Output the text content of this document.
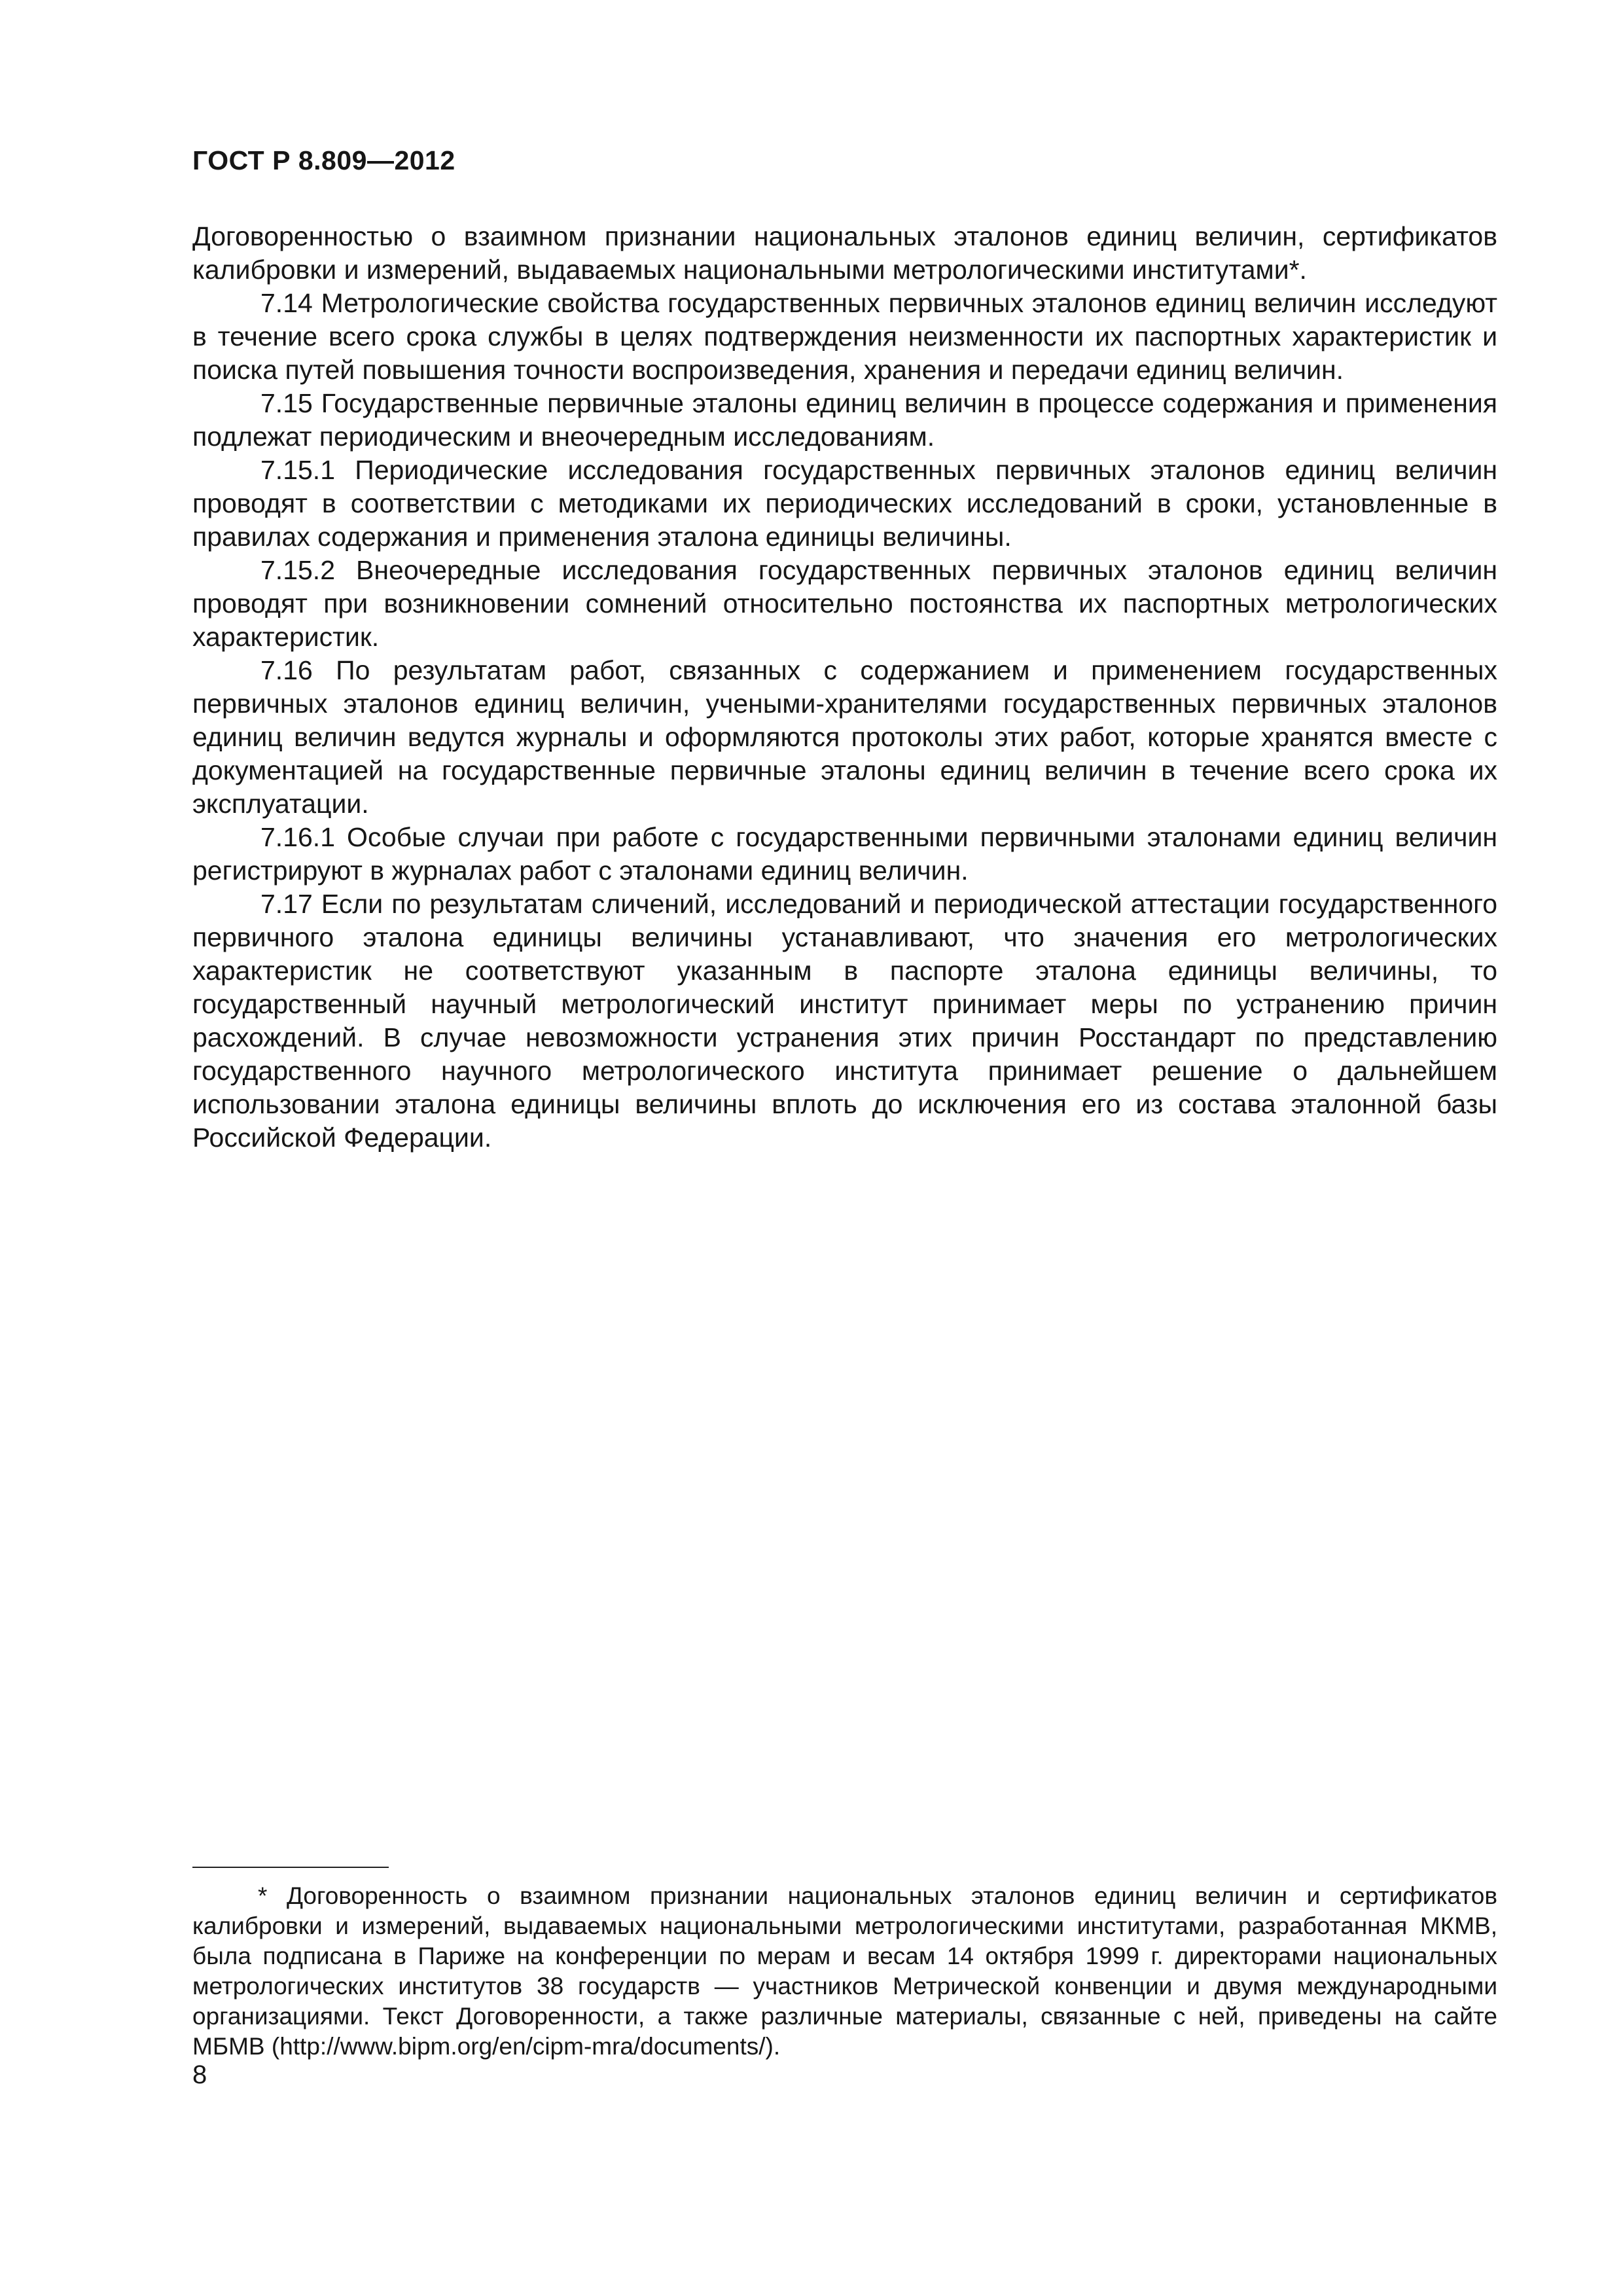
ГОСТ Р 8.809—2012

Договоренностью о взаимном признании национальных эталонов единиц величин, сертификатов калибровки и измерений, выдаваемых национальными метрологическими институтами*.

7.14 Метрологические свойства государственных первичных эталонов единиц величин исследуют в течение всего срока службы в целях подтверждения неизменности их паспортных характеристик и поиска путей повышения точности воспроизведения, хранения и передачи единиц величин.

7.15 Государственные первичные эталоны единиц величин в процессе содержания и применения подлежат периодическим и внеочередным исследованиям.

7.15.1 Периодические исследования государственных первичных эталонов единиц величин проводят в соответствии с методиками их периодических исследований в сроки, установленные в правилах содержания и применения эталона единицы величины.

7.15.2 Внеочередные исследования государственных первичных эталонов единиц величин проводят при возникновении сомнений относительно постоянства их паспортных метрологических характеристик.

7.16 По результатам работ, связанных с содержанием и применением государственных первичных эталонов единиц величин, учеными-хранителями государственных первичных эталонов единиц величин ведутся журналы и оформляются протоколы этих работ, которые хранятся вместе с документацией на государственные первичные эталоны единиц величин в течение всего срока их эксплуатации.

7.16.1 Особые случаи при работе с государственными первичными эталонами единиц величин регистрируют в журналах работ с эталонами единиц величин.

7.17 Если по результатам сличений, исследований и периодической аттестации государственного первичного эталона единицы величины устанавливают, что значения его метрологических характеристик не соответствуют указанным в паспорте эталона единицы величины, то государственный научный метрологический институт принимает меры по устранению причин расхождений. В случае невозможности устранения этих причин Росстандарт по представлению государственного научного метрологического института принимает решение о дальнейшем использовании эталона единицы величины вплоть до исключения его из состава эталонной базы Российской Федерации.

* Договоренность о взаимном признании национальных эталонов единиц величин и сертификатов калибровки и измерений, выдаваемых национальными метрологическими институтами, разработанная МКМВ, была подписана в Париже на конференции по мерам и весам 14 октября 1999 г. директорами национальных метрологических институтов 38 государств — участников Метрической конвенции и двумя международными организациями. Текст Договоренности, а также различные материалы, связанные с ней, приведены на сайте МБМВ (http://www.bipm.org/en/cipm-mra/documents/).

8
